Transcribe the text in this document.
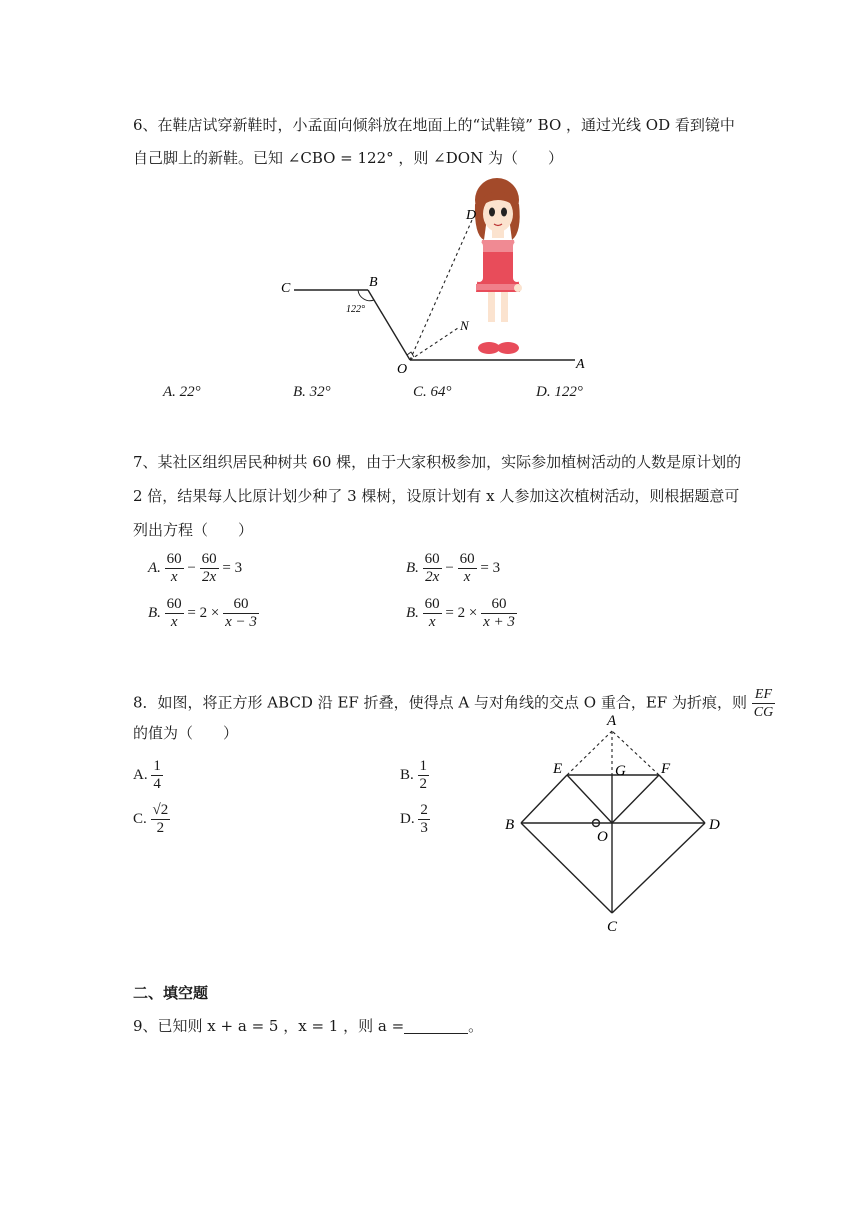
6、在鞋店试穿新鞋时，小孟面向倾斜放在地面上的“试鞋镜” BO ，通过光线 OD 看到镜中
自己脚上的新鞋。已知 ∠CBO = 122° ，则 ∠DON 为（　　）
C	B
O	A
D
N
122°
A. 22°	B. 32°	C. 64°	D. 122°
7、某社区组织居民种树共 60 棵，由于大家积极参加，实际参加植树活动的人数是原计划的
2 倍，结果每人比原计划少种了 3 棵树，设原计划有 x 人参加这次植树活动，则根据题意可
列出方程（　　）
A. $\frac{60}{x} - \frac{60}{2x} = 3$	B. $\frac{60}{2x} - \frac{60}{x} = 3$
B. $\frac{60}{x} = 2 \times \frac{60}{x - 3}$	B. $\frac{60}{x} = 2 \times \frac{60}{x + 3}$
8．如图，将正方形 ABCD 沿 EF 折叠，使得点 A 与对角线的交点 O 重合，EF 为折痕，则 $\frac{EF}{CG}$
的值为（　　）
A. $\frac{1}{4}$	B. $\frac{1}{2}$
C. $\frac{√2}{2}$	D. $\frac{2}{3}$
A
E	G F
B
O
D
C
二、填空题
9、已知则 x + a = 5 ，x = 1 ，则 a =	。
